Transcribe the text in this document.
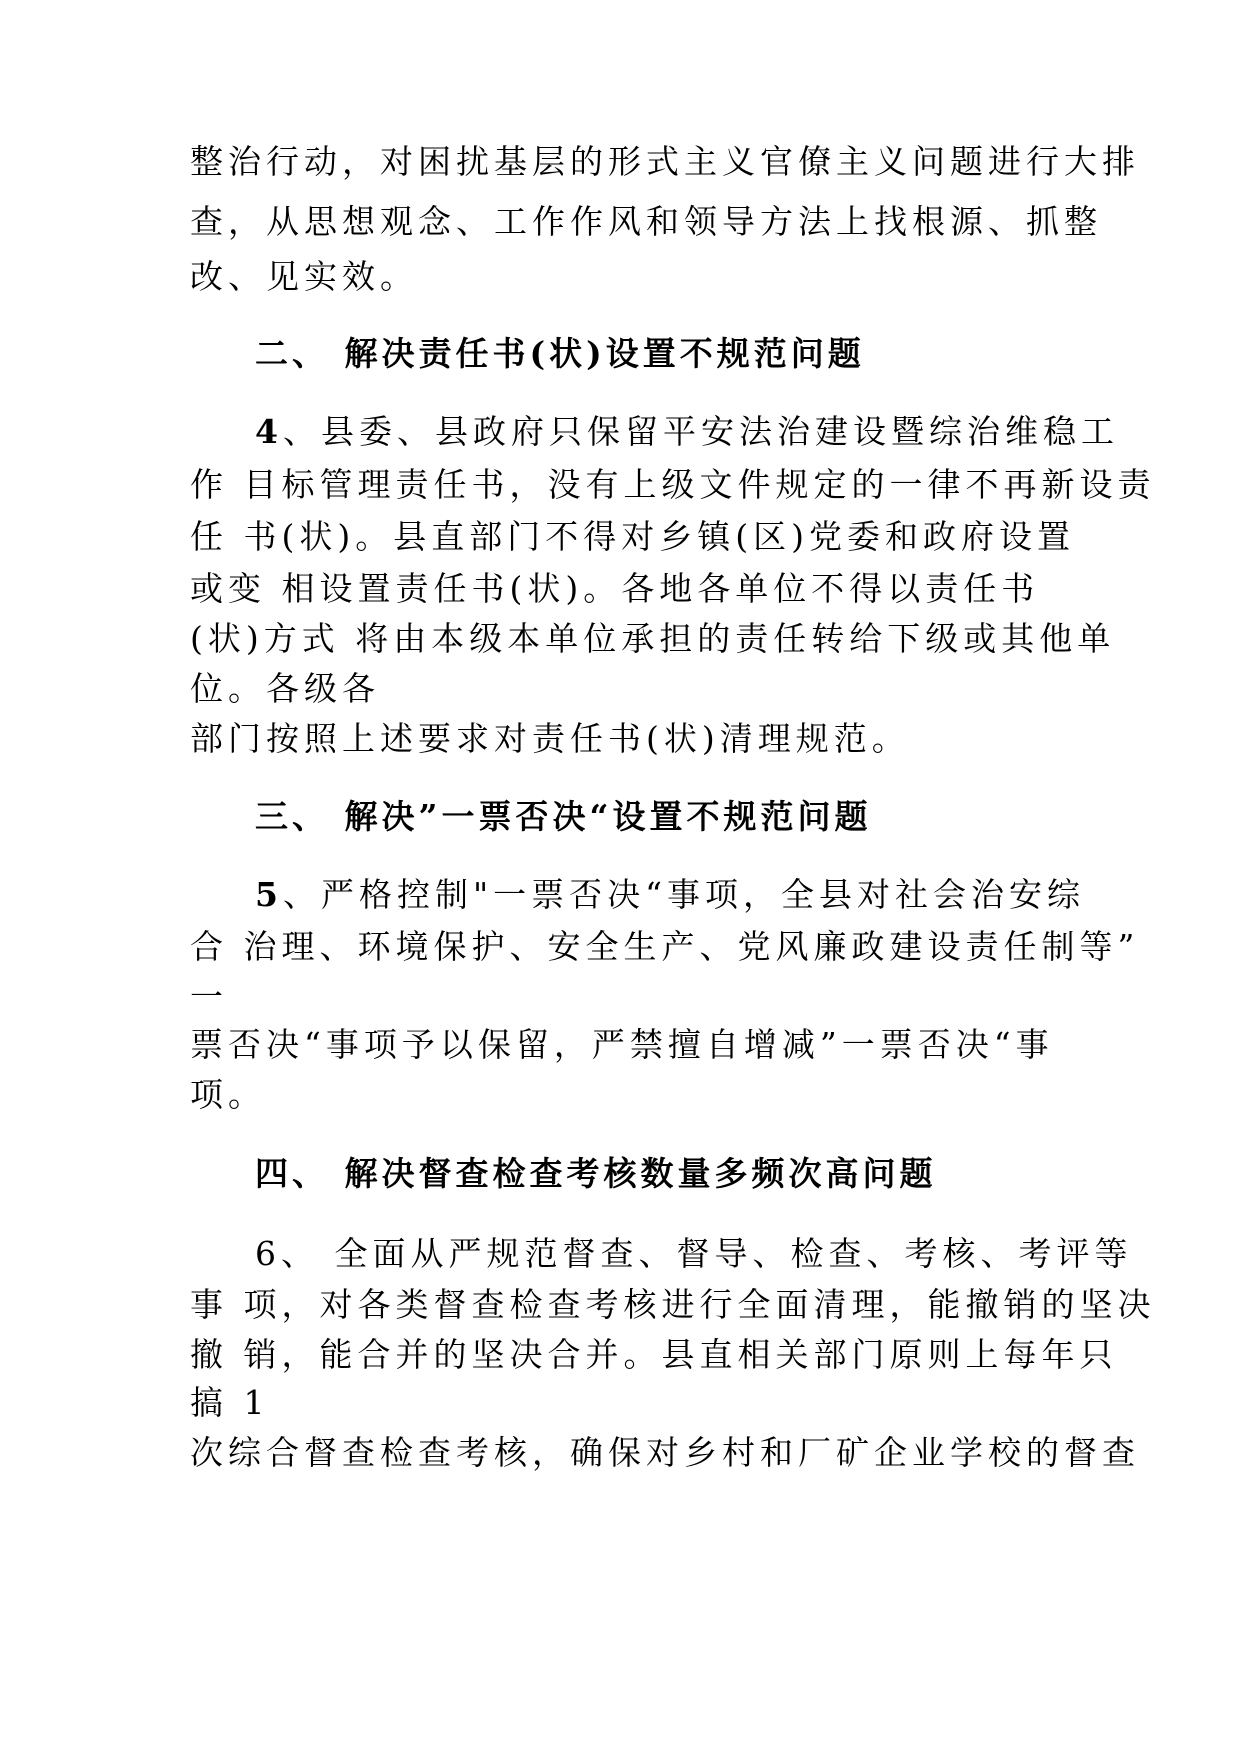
整治行动，对困扰基层的形式主义官僚主义问题进行大排
查，从思想观念、工作作风和领导方法上找根源、抓整
改、见实效。
二、 解决责任书(状)设置不规范问题
4、县委、县政府只保留平安法治建设暨综治维稳工
作 目标管理责任书，没有上级文件规定的一律不再新设责
任 书(状)。县直部门不得对乡镇(区)党委和政府设置
或变 相设置责任书(状)。各地各单位不得以责任书
(状)方式 将由本级本单位承担的责任转给下级或其他单
位。各级各
部门按照上述要求对责任书(状)清理规范。
三、 解决”一票否决“设置不规范问题
5、严格控制"一票否决“事项，全县对社会治安综
合 治理、环境保护、安全生产、党风廉政建设责任制等”
一
票否决“事项予以保留，严禁擅自增减”一票否决“事
项。
四、 解决督查检查考核数量多频次高问题
6、 全面从严规范督查、督导、检查、考核、考评等
事 项，对各类督查检查考核进行全面清理，能撤销的坚决
撤 销，能合并的坚决合并。县直相关部门原则上每年只
搞 1
次综合督查检查考核，确保对乡村和厂矿企业学校的督查
